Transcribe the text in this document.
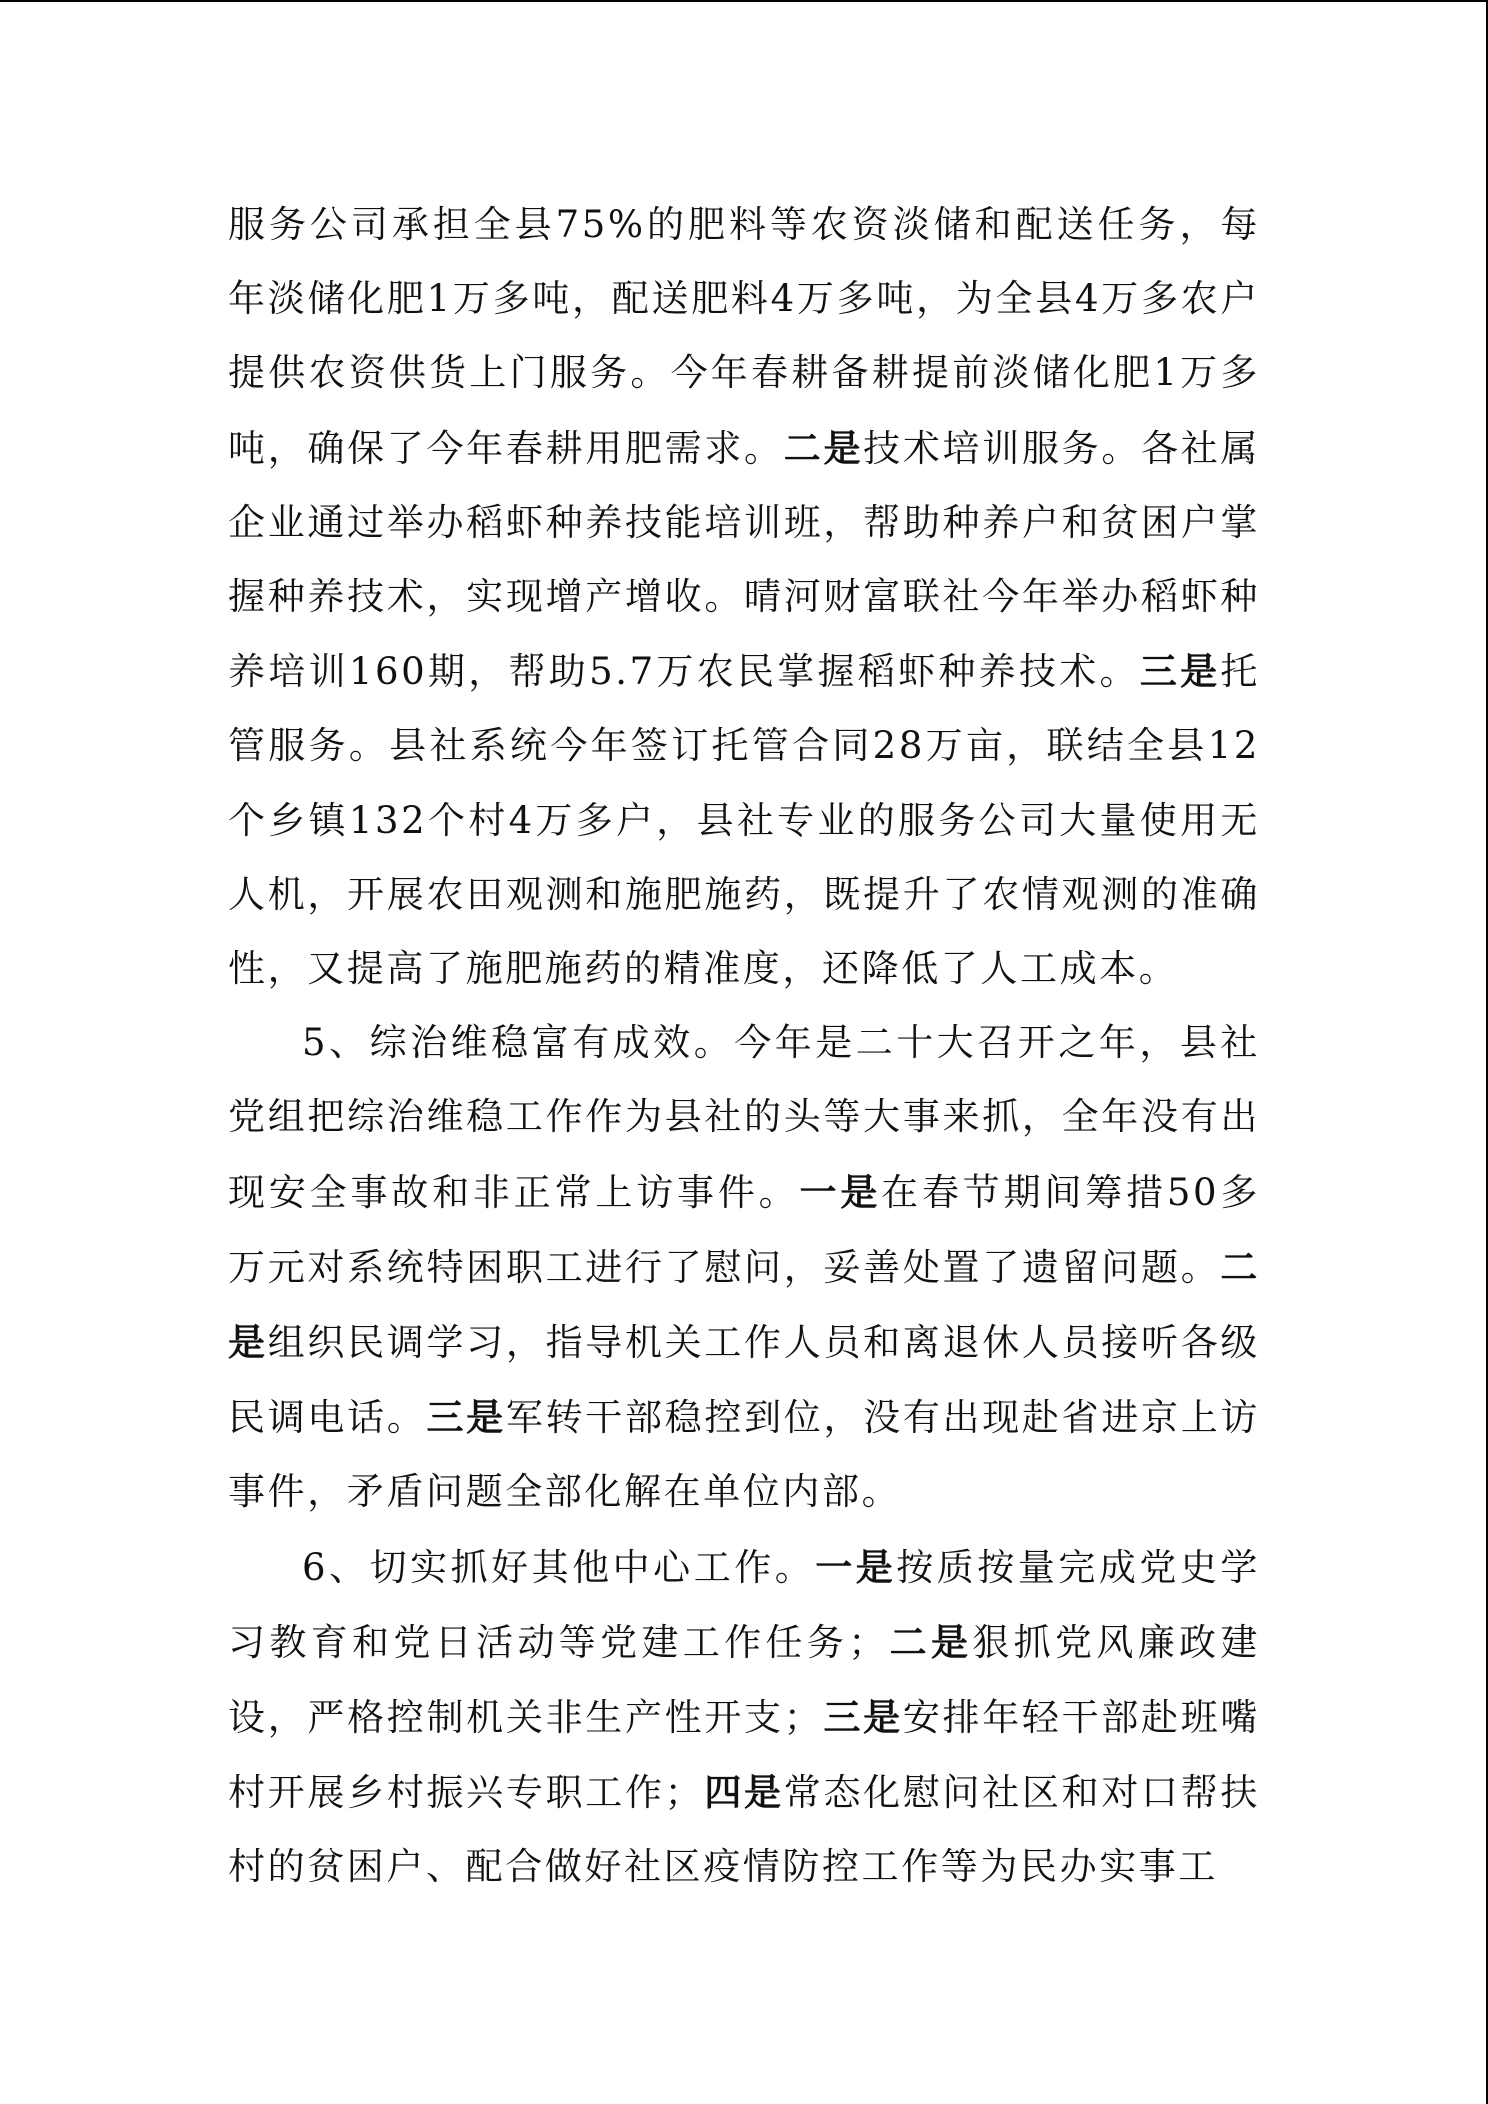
服务公司承担全县75%的肥料等农资淡储和配送任务，每年淡储化肥1万多吨，配送肥料4万多吨，为全县4万多农户提供农资供货上门服务。今年春耕备耕提前淡储化肥1万多吨，确保了今年春耕用肥需求。二是技术培训服务。各社属企业通过举办稻虾种养技能培训班，帮助种养户和贫困户掌握种养技术，实现增产增收。晴河财富联社今年举办稻虾种养培训160期，帮助5.7万农民掌握稻虾种养技术。三是托管服务。县社系统今年签订托管合同28万亩，联结全县12个乡镇132个村4万多户，县社专业的服务公司大量使用无人机，开展农田观测和施肥施药，既提升了农情观测的准确性，又提高了施肥施药的精准度，还降低了人工成本。

5、综治维稳富有成效。今年是二十大召开之年，县社党组把综治维稳工作作为县社的头等大事来抓，全年没有出现安全事故和非正常上访事件。一是在春节期间筹措50多万元对系统特困职工进行了慰问，妥善处置了遗留问题。二是组织民调学习，指导机关工作人员和离退休人员接听各级民调电话。三是军转干部稳控到位，没有出现赴省进京上访事件，矛盾问题全部化解在单位内部。

6、切实抓好其他中心工作。一是按质按量完成党史学习教育和党日活动等党建工作任务；二是狠抓党风廉政建设，严格控制机关非生产性开支；三是安排年轻干部赴班嘴村开展乡村振兴专职工作；四是常态化慰问社区和对口帮扶村的贫困户、配合做好社区疫情防控工作等为民办实事工
